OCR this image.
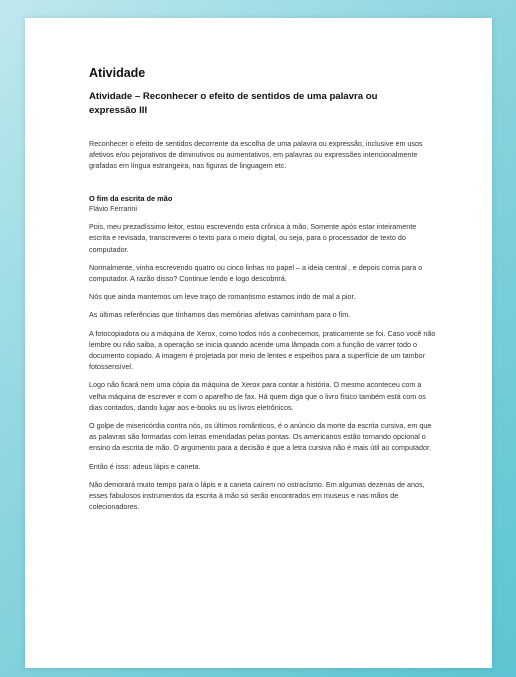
Atividade
Atividade – Reconhecer o efeito de sentidos de uma palavra ou expressão III

Reconhecer o efeito de sentidos decorrente da escolha de uma palavra ou expressão, inclusive em usos afetivos e/ou pejorativos de diminutivos ou aumentativos, em palavras ou expressões intencionalmente grafadas em língua estrangeira, nas figuras de linguagem etc.

O fim da escrita de mão

Flávio Ferrarini

Pois, meu prezadíssimo leitor, estou escrevendo esta crônica à mão. Somente após estar inteiramente escrita e revisada, transcreverei o texto para o meio digital, ou seja, para o processador de texto do computador.

Normalmente, vinha escrevendo quatro ou cinco linhas no papel – a ideia central , e depois corria para o computador. A razão disso? Continue lendo e logo descobrirá.

Nós que ainda mantemos um leve traço de romantismo estamos indo de mal a pior.

As últimas referências que tínhamos das memórias afetivas caminham para o fim.

A fotocopiadora ou a máquina de Xerox, como todos nós a conhecemos, praticamente se foi. Caso você não lembre ou não saiba, a operação se inicia quando acende uma lâmpada com a função de varrer todo o documento copiado. A imagem é projetada por meio de lentes e espelhos para a superfície de um tambor fotossensível.

Logo não ficará nem uma cópia da máquina de Xerox para contar a história. O mesmo aconteceu com a velha máquina de escrever e com o aparelho de fax. Há quem diga que o livro físico também está com os dias contados, dando lugar aos e-books ou os livros eletrônicos.

O golpe de misericórdia contra nós, os últimos românticos, é o anúncio da morte da escrita cursiva, em que as palavras são formadas com letras emendadas pelas pontas. Os americanos estão tornando opcional o ensino da escrita de mão. O argumento para a decisão é que a letra cursiva não é mais útil ao computador.

Então é isso: adeus lápis e caneta.

Não demorará muito tempo para o lápis e a caneta caírem no ostracismo. Em algumas dezenas de anos, esses fabulosos instrumentos da escrita à mão só serão encontrados em museus e nas mãos de colecionadores.
